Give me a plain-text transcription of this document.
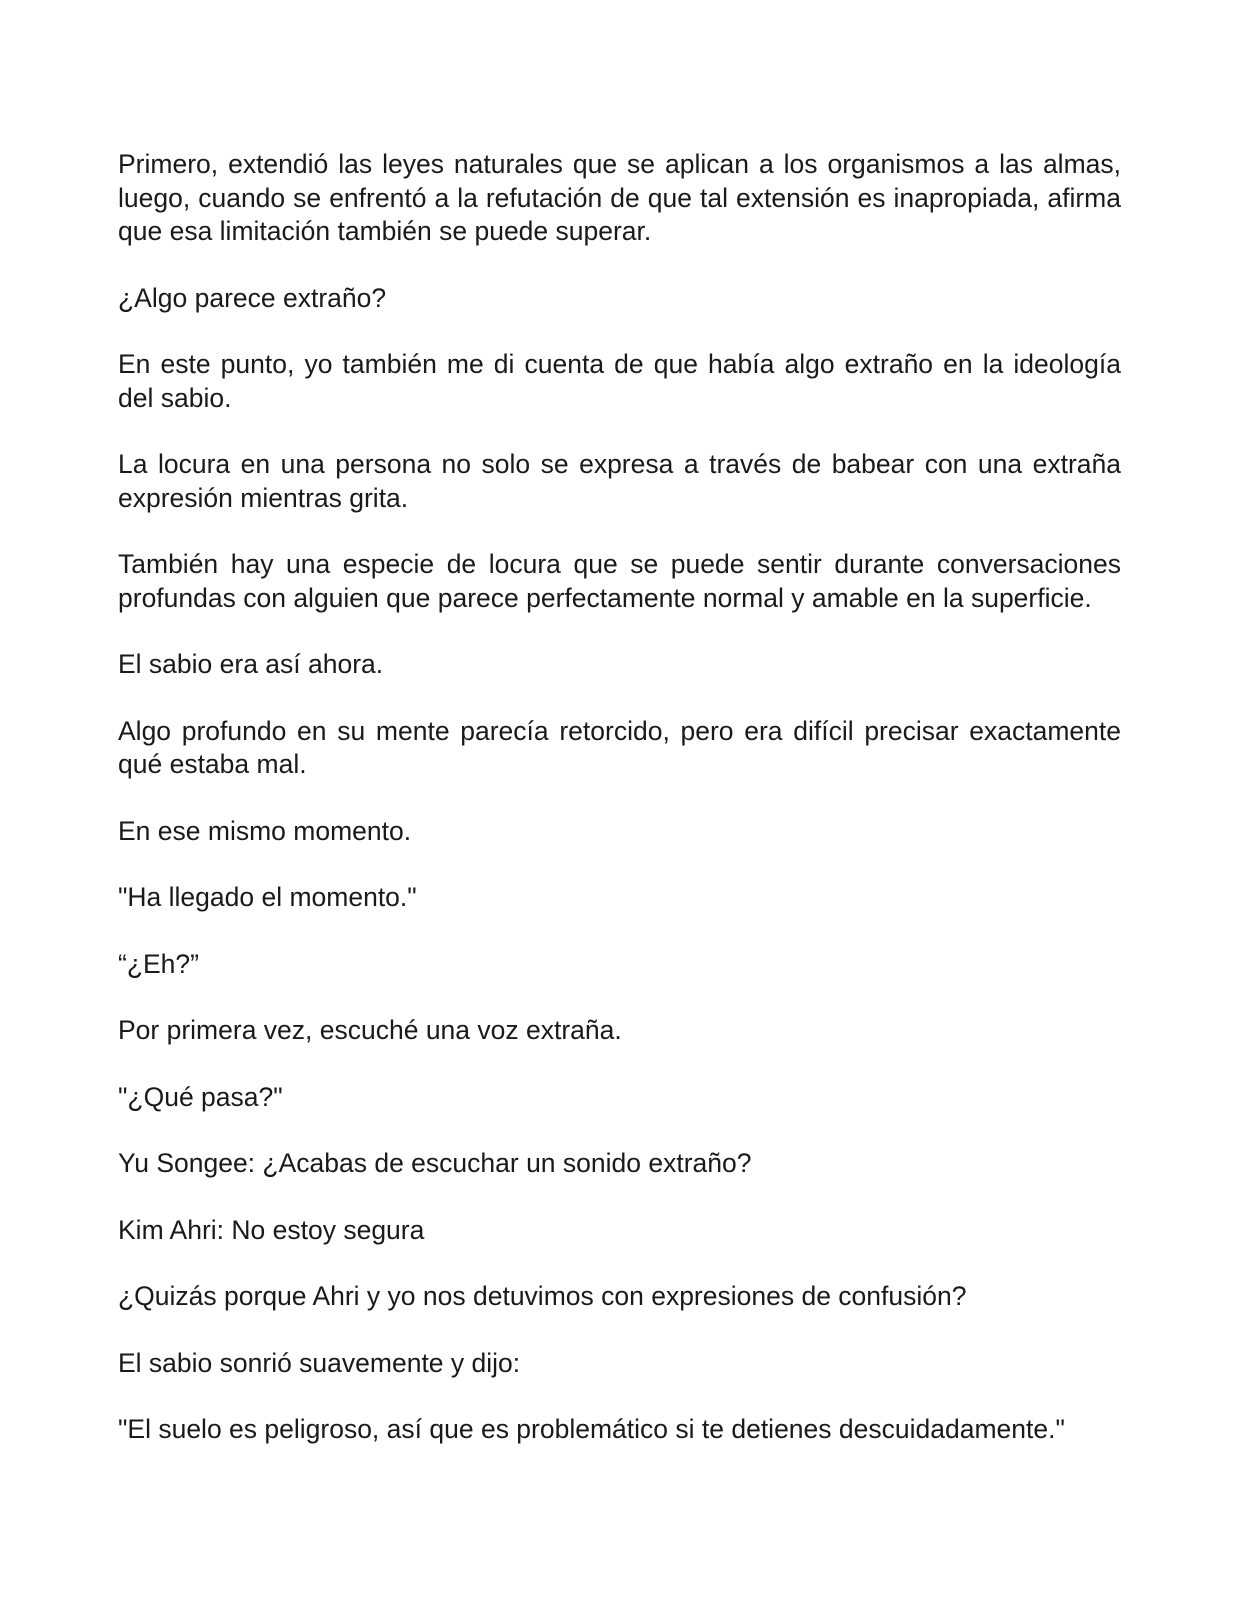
Primero, extendió las leyes naturales que se aplican a los organismos a las almas, luego, cuando se enfrentó a la refutación de que tal extensión es inapropiada, afirma que esa limitación también se puede superar.

¿Algo parece extraño?

En este punto, yo también me di cuenta de que había algo extraño en la ideología del sabio.

La locura en una persona no solo se expresa a través de babear con una extraña expresión mientras grita.

También hay una especie de locura que se puede sentir durante conversaciones profundas con alguien que parece perfectamente normal y amable en la superficie.

El sabio era así ahora.

Algo profundo en su mente parecía retorcido, pero era difícil precisar exactamente qué estaba mal.

En ese mismo momento.

"Ha llegado el momento."

“¿Eh?”

Por primera vez, escuché una voz extraña.

"¿Qué pasa?"

Yu Songee: ¿Acabas de escuchar un sonido extraño?

Kim Ahri: No estoy segura

¿Quizás porque Ahri y yo nos detuvimos con expresiones de confusión?

El sabio sonrió suavemente y dijo:

"El suelo es peligroso, así que es problemático si te detienes descuidadamente."
